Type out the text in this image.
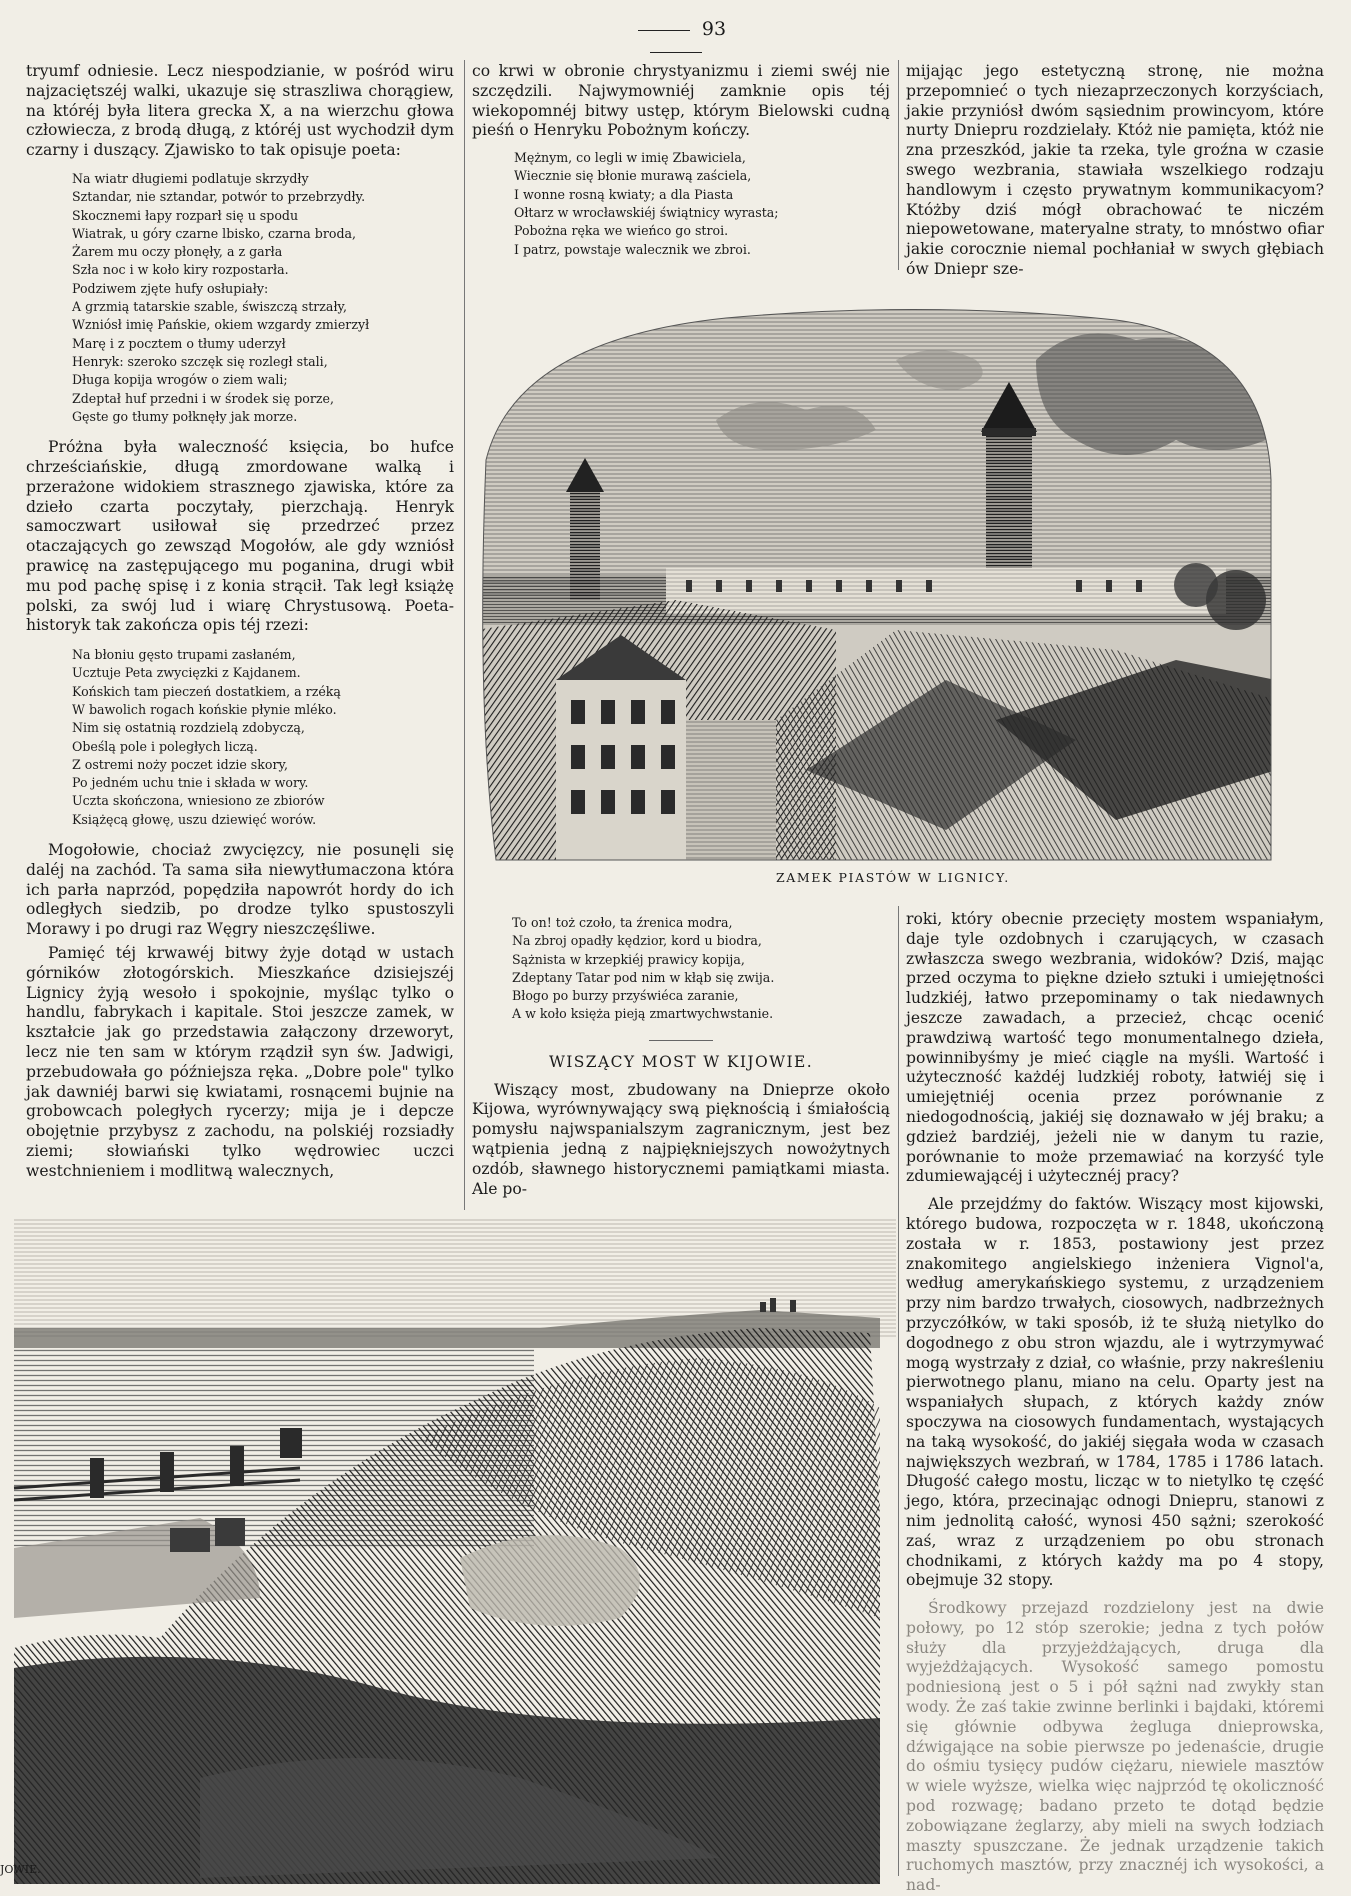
93

tryumf odniesie. Lecz niespodzianie, w pośród wiru najzaciętszéj walki, ukazuje się straszliwa chorągiew, na któréj była litera grecka X, a na wierzchu głowa człowiecza, z brodą długą, z któréj ust wychodził dym czarny i duszący. Zjawisko to tak opisuje poeta:

Na wiatr długiemi podlatuje skrzydły
Sztandar, nie sztandar, potwór to przebrzydły.
Skocznemi łapy rozparł się u spodu
Wiatrak, u góry czarne lbisko, czarna broda,
Żarem mu oczy płonęły, a z garła
Szła noc i w koło kiry rozpostarła.
Podziwem zjęte hufy osłupiały:
A grzmią tatarskie szable, świszczą strzały,
Wzniósł imię Pańskie, okiem wzgardy zmierzył
Marę i z pocztem o tłumy uderzył
Henryk: szeroko szczęk się rozległ stali,
Długa kopija wrogów o ziem wali;
Zdeptał huf przedni i w środek się porze,
Gęste go tłumy połknęły jak morze.

Próżna była waleczność księcia, bo hufce chrześciańskie, długą zmordowane walką i przerażone widokiem strasznego zjawiska, które za dzieło czarta poczytały, pierzchają. Henryk samoczwart usiłował się przedrzeć przez otaczających go zewsząd Mogołów, ale gdy wzniósł prawicę na zastępującego mu poganina, drugi wbił mu pod pachę spisę i z konia strącił. Tak legł książę polski, za swój lud i wiarę Chrystusową. Poeta-historyk tak zakończa opis téj rzezi:

Na błoniu gęsto trupami zasłaném,
Ucztuje Peta zwycięzki z Kajdanem.
Końskich tam pieczeń dostatkiem, a rzéką
W bawolich rogach końskie płynie mléko.
Nim się ostatnią rozdzielą zdobyczą,
Obeślą pole i poległych liczą.
Z ostremi noży poczet idzie skory,
Po jedném uchu tnie i składa w wory.
Uczta skończona, wniesiono ze zbiorów
Książęcą głowę, uszu dziewięć worów.

Mogołowie, chociaż zwycięzcy, nie posunęli się daléj na zachód. Ta sama siła niewytłumaczona która ich parła naprzód, popędziła napowrót hordy do ich odległych siedzib, po drodze tylko spustoszyli Morawy i po drugi raz Węgry nieszczęśliwe.

Pamięć téj krwawéj bitwy żyje dotąd w ustach górników złotogórskich. Mieszkańce dzisiejszéj Lignicy żyją wesoło i spokojnie, myśląc tylko o handlu, fabrykach i kapitale. Stoi jeszcze zamek, w kształcie jak go przedstawia załączony drzeworyt, lecz nie ten sam w którym rządził syn św. Jadwigi, przebudowała go późniejsza ręka. „Dobre pole" tylko jak dawniéj barwi się kwiatami, rosnącemi bujnie na grobowcach poległych rycerzy; mija je i depcze obojętnie przybysz z zachodu, na polskiéj rozsiadły ziemi; słowiański tylko wędrowiec uczci westchnieniem i modlitwą walecznych,

co krwi w obronie chrystyanizmu i ziemi swéj nie szczędzili. Najwymowniéj zamknie opis téj wiekopomnéj bitwy ustęp, którym Bielowski cudną pieśń o Henryku Pobożnym kończy.

Mężnym, co legli w imię Zbawiciela,
Wiecznie się błonie murawą zaściela,
I wonne rosną kwiaty; a dla Piasta
Ołtarz w wrocławskiéj świątnicy wyrasta;
Pobożna ręka we wieńco go stroi.
I patrz, powstaje walecznik we zbroi.

mijając jego estetyczną stronę, nie można przepomnieć o tych niezaprzeczonych korzyściach, jakie przyniósł dwóm sąsiednim prowincyom, które nurty Dniepru rozdzielały. Któż nie pamięta, któż nie zna przeszkód, jakie ta rzeka, tyle groźna w czasie swego wezbrania, stawiała wszelkiego rodzaju handlowym i często prywatnym kommunikacyom? Któżby dziś mógł obrachować te niczém niepowetowane, materyalne straty, to mnóstwo ofiar jakie corocznie niemal pochłaniał w swych głębiach ów Dniepr sze-

ZAMEK PIASTÓW W LIGNICY.
To on! toż czoło, ta źrenica modra,
Na zbroj opadły kędzior, kord u biodra,
Sążnista w krzepkiéj prawicy kopija,
Zdeptany Tatar pod nim w kłąb się zwija.
Błogo po burzy przyświéca zaranie,
A w koło księża pieją zmartwychwstanie.
WISZĄCY MOST W KIJOWIE.

Wiszący most, zbudowany na Dnieprze około Kijowa, wyrównywający swą pięknością i śmiałością pomysłu najwspanialszym zagranicznym, jest bez wątpienia jedną z najpiękniejszych nowożytnych ozdób, sławnego historycznemi pamiątkami miasta. Ale po-

roki, który obecnie przecięty mostem wspaniałym, daje tyle ozdobnych i czarujących, w czasach zwłaszcza swego wezbrania, widoków? Dziś, mając przed oczyma to piękne dzieło sztuki i umiejętności ludzkiéj, łatwo przepominamy o tak niedawnych jeszcze zawadach, a przecież, chcąc ocenić prawdziwą wartość tego monumentalnego dzieła, powinnibyśmy je mieć ciągle na myśli. Wartość i użyteczność każdéj ludzkiéj roboty, łatwiéj się i umiejętniéj ocenia przez porównanie z niedogodnością, jakiéj się doznawało w jéj braku; a gdzież bardziéj, jeżeli nie w danym tu razie, porównanie to może przemawiać na korzyść tyle zdumiewającéj i użytecznéj pracy?

Ale przejdźmy do faktów. Wiszący most kijowski, którego budowa, rozpoczęta w r. 1848, ukończoną została w r. 1853, postawiony jest przez znakomitego angielskiego inżeniera Vignol'a, według amerykańskiego systemu, z urządzeniem przy nim bardzo trwałych, ciosowych, nadbrzeżnych przyczółków, w taki sposób, iż te służą nietylko do dogodnego z obu stron wjazdu, ale i wytrzymywać mogą wystrzały z dział, co właśnie, przy nakreśleniu pierwotnego planu, miano na celu. Oparty jest na wspaniałych słupach, z których każdy znów spoczywa na ciosowych fundamentach, wystających na taką wysokość, do jakiéj sięgała woda w czasach największych wezbrań, w 1784, 1785 i 1786 latach. Długość całego mostu, licząc w to nietylko tę część jego, która, przecinając odnogi Dniepru, stanowi z nim jednolitą całość, wynosi 450 sążni; szerokość zaś, wraz z urządzeniem po obu stronach chodnikami, z których każdy ma po 4 stopy, obejmuje 32 stopy.

Środkowy przejazd rozdzielony jest na dwie połowy, po 12 stóp szerokie; jedna z tych połów służy dla przyjeżdżających, druga dla wyjeżdżających. Wysokość samego pomostu podniesioną jest o 5 i pół sążni nad zwykły stan wody. Że zaś takie zwinne berlinki i bajdaki, któremi się głównie odbywa żegluga dnieprowska, dźwigające na sobie pierwsze po jedenaście, drugie do ośmiu tysięcy pudów ciężaru, niewiele masztów w wiele wyższe, wielka więc najprzód tę okoliczność pod rozwagę; badano przeto te dotąd będzie zobowiązane żeglarzy, aby mieli na swych łodziach maszty spuszczane. Że jednak urządzenie takich ruchomych masztów, przy znacznéj ich wysokości, a nad-

JOWIE.
